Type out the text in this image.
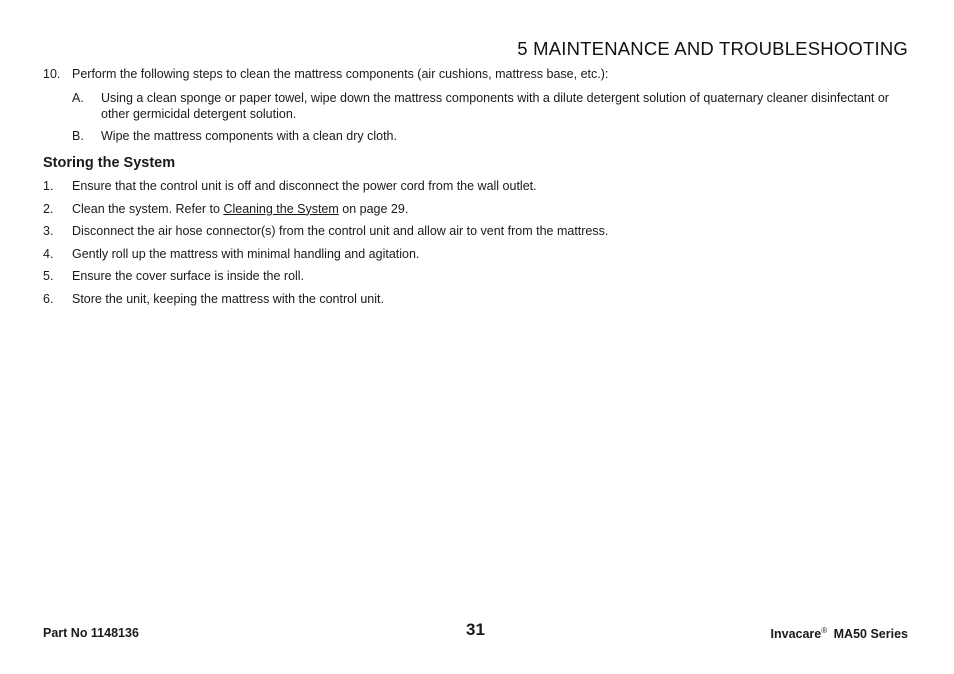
5 MAINTENANCE AND TROUBLESHOOTING
10. Perform the following steps to clean the mattress components (air cushions, mattress base, etc.):
A.	Using a clean sponge or paper towel, wipe down the mattress components with a dilute detergent solution of quaternary cleaner disinfectant or other germicidal detergent solution.
B.	Wipe the mattress components with a clean dry cloth.
Storing the System
1.	Ensure that the control unit is off and disconnect the power cord from the wall outlet.
2.	Clean the system. Refer to Cleaning the System on page 29.
3.	Disconnect the air hose connector(s) from the control unit and allow air to vent from the mattress.
4.	Gently roll up the mattress with minimal handling and agitation.
5.	Ensure the cover surface is inside the roll.
6.	Store the unit, keeping the mattress with the control unit.
Part No 1148136	31	Invacare® MA50 Series
